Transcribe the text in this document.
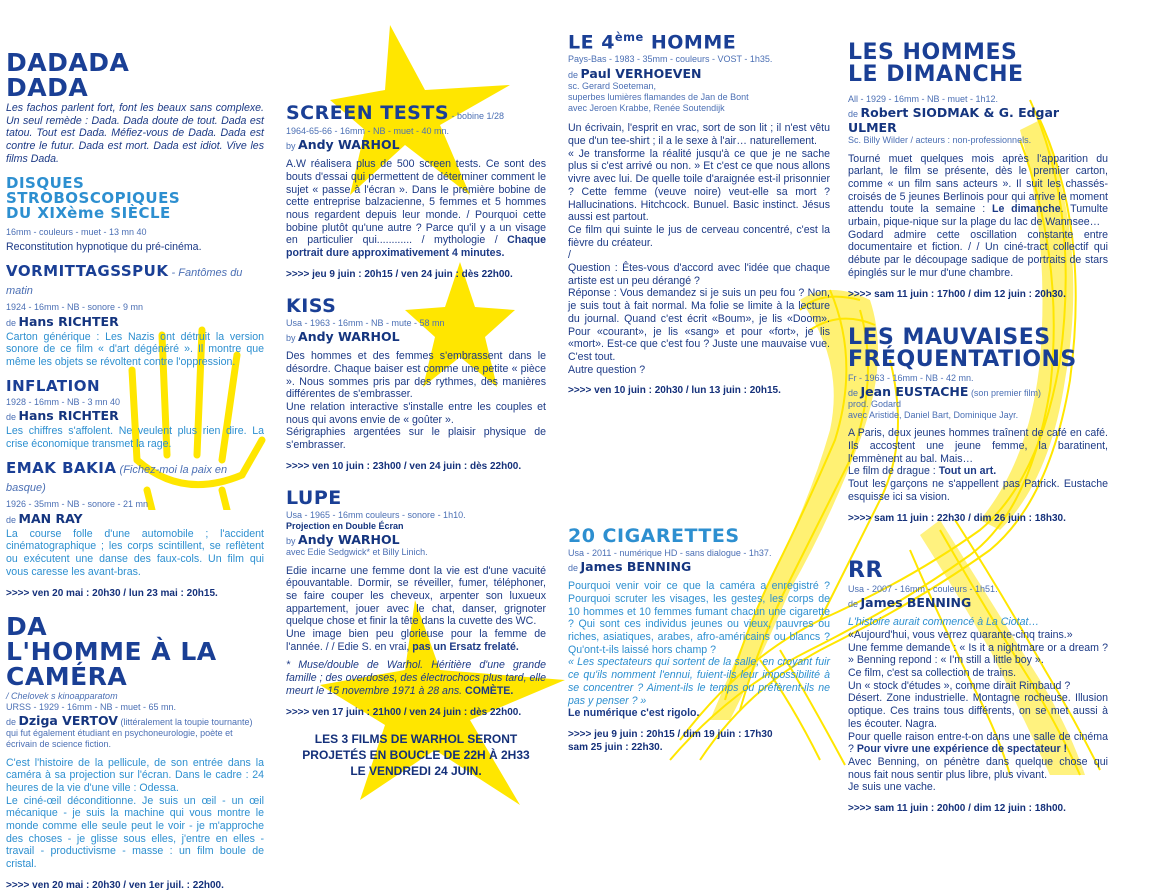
DADADA
DADA

Les fachos parlent fort, font les beaux sans complexe. Un seul remède : Dada. Dada doute de tout. Dada est tatou. Tout est Dada. Méfiez-vous de Dada. Dada est contre le futur. Dada est mort. Dada est idiot. Vive les films Dada.

DISQUES STROBOSCOPIQUES
DU XIXème SIÈCLE

16mm - couleurs - muet - 13 mn 40

Reconstitution hypnotique du pré-cinéma.

VORMITTAGSSPUK - Fantômes du matin

1924 - 16mm - NB - sonore - 9 mn

de Hans RICHTER

Carton générique : Les Nazis ont détruit la version sonore de ce film « d'art dégénéré ». Il montre que même les objets se révoltent contre l'oppression.

INFLATION

1928 - 16mm - NB - 3 mn 40

de Hans RICHTER

Les chiffres s'affolent. Ne veulent plus rien dire. La crise économique transmet la rage.

EMAK BAKIA (Fichez-moi la paix en basque)

1926 - 35mm - NB - sonore - 21 mn

de MAN RAY

La course folle d'une automobile ; l'accident cinématographique ; les corps scintillent, se reflètent ou exécutent une danse des faux-cols. Un film qui vous caresse les avant-bras.

>>>> ven 20 mai : 20h30 / lun 23 mai : 20h15.

DA
L'HOMME À LA CAMÉRA

/ Chelovek s kinoapparatom

URSS - 1929 - 16mm - NB - muet - 65 mn.

de Dziga VERTOV (littéralement la toupie tournante)

qui fut également étudiant en psychoneurologie, poète et écrivain de science fiction.

C'est l'histoire de la pellicule, de son entrée dans la caméra à sa projection sur l'écran. Dans le cadre : 24 heures de la vie d'une ville : Odessa.
Le ciné-œil déconditionne. Je suis un œil - un œil mécanique - je suis la machine qui vous montre le monde comme elle seule peut le voir - je m'approche des choses - je glisse sous elles, j'entre en elles - travail - productivisme - masse : un film boule de cristal.

>>>> ven 20 mai : 20h30 / ven 1er juil. : 22h00.

SCREEN TESTS - bobine 1/28

1964-65-66 - 16mm - NB - muet - 40 mn.

by Andy WARHOL

A.W réalisera plus de 500 screen tests. Ce sont des bouts d'essai qui permettent de déterminer comment le sujet « passe à l'écran ». Dans le première bobine de cette entreprise balzacienne, 5 femmes et 5 hommes nous regardent depuis leur monde. / Pourquoi cette bobine plutôt qu'une autre ? Parce qu'il y a un visage en particulier qui............ / mythologie / Chaque portrait dure approximativement 4 minutes.

>>>> jeu 9 juin : 20h15 / ven 24 juin : dès 22h00.

KISS

Usa - 1963 - 16mm - NB - mute - 58 mn

by Andy WARHOL

Des hommes et des femmes s'embrassent dans le désordre. Chaque baiser est comme une petite « pièce ». Nous sommes pris par des rythmes, des manières différentes de s'embrasser.
Une relation interactive s'installe entre les couples et nous qui avons envie de « goûter ».
Sérigraphies argentées sur le plaisir physique de s'embrasser.

>>>> ven 10 juin : 23h00 / ven 24 juin : dès 22h00.

LUPE

Usa - 1965 - 16mm couleurs - sonore - 1h10.

Projection en Double Écran

by Andy WARHOL

avec Edie Sedgwick* et Billy Linich.

Edie incarne une femme dont la vie est d'une vacuité épouvantable. Dormir, se réveiller, fumer, téléphoner, se faire couper les cheveux, arpenter son luxueux appartement, jouer avec le chat, danser, grignoter quelque chose et finir la tête dans la cuvette des WC.
Une image bien peu glorieuse pour la femme de l'année. / / Edie S. en vrai, pas un Ersatz frelaté.

* Muse/double de Warhol. Héritière d'une grande famille ; des overdoses, des électrochocs plus tard, elle meurt le 15 novembre 1971 à 28 ans. COMÈTE.

>>>> ven 17 juin : 21h00 / ven 24 juin : dès 22h00.

LES 3 FILMS DE WARHOL SERONT
PROJETÉS EN BOUCLE DE 22H À 2H33
LE VENDREDI 24 JUIN.

LE 4ème HOMME

Pays-Bas - 1983 - 35mm - couleurs - VOST - 1h35.

de Paul VERHOEVEN

sc. Gerard Soeteman,
superbes lumières flamandes de Jan de Bont
avec Jeroen Krabbe, Renée Soutendijk

Un écrivain, l'esprit en vrac, sort de son lit ; il n'est vêtu que d'un tee-shirt ; il a le sexe à l'air… naturellement.
« Je transforme la réalité jusqu'à ce que je ne sache plus si c'est arrivé ou non. » Et c'est ce que nous allons vivre avec lui. De quelle toile d'araignée est-il prisonnier ? Cette femme (veuve noire) veut-elle sa mort ? Hallucinations. Hitchcock. Bunuel. Basic instinct. Jésus aussi est partout.
Ce film qui suinte le jus de cerveau concentré, c'est la fièvre du créateur.
/
Question : Êtes-vous d'accord avec l'idée que chaque artiste est un peu dérangé ?
Réponse : Vous demandez si je suis un peu fou ? Non, je suis tout à fait normal. Ma folie se limite à la lecture du journal. Quand c'est écrit «Boum», je lis «Doom». Pour «courant», je lis «sang» et pour «fort», je lis «mort». Est-ce que c'est fou ? Juste une mauvaise vue. C'est tout.
Autre question ?

>>>> ven 10 juin : 20h30 / lun 13 juin : 20h15.

20 CIGARETTES

Usa - 2011 - numérique HD - sans dialogue - 1h37.

de James BENNING

Pourquoi venir voir ce que la caméra a enregistré ? Pourquoi scruter les visages, les gestes, les corps de 10 hommes et 10 femmes fumant chacun une cigarette ? Qui sont ces individus jeunes ou vieux, pauvres ou riches, asiatiques, arabes, afro-américains ou blancs ? Qu'ont-t-ils laissé hors champ ?

« Les spectateurs qui sortent de la salle, en croyant fuir ce qu'ils nomment l'ennui, fuient-ils leur impossibilité à se concentrer ? Aiment-ils le temps ou préfèrent-ils ne pas y penser ? »

Le numérique c'est rigolo.

>>>> jeu 9 juin : 20h15 / dim 19 juin : 17h30
sam 25 juin : 22h30.

LES HOMMES
LE DIMANCHE

All - 1929 - 16mm - NB - muet - 1h12.

de Robert SIODMAK & G. Edgar ULMER

Sc. Billy Wilder / acteurs : non-professionnels.

Tourné muet quelques mois après l'apparition du parlant, le film se présente, dès le premier carton, comme « un film sans acteurs ». Il suit les chassés-croisés de 5 jeunes Berlinois pour qui arrive le moment attendu toute la semaine : Le dimanche. Tumulte urbain, pique-nique sur la plage du lac de Wannsee…
Godard admire cette oscillation constante entre documentaire et fiction. / / Un ciné-tract collectif qui débute par le découpage sadique de portraits de stars épinglés sur le mur d'une chambre.

>>>> sam 11 juin : 17h00 / dim 12 juin : 20h30.

LES MAUVAISES
FRÉQUENTATIONS

Fr - 1963 - 16mm - NB - 42 mn.

de Jean EUSTACHE (son premier film)

prod. Godard
avec Aristide, Daniel Bart, Dominique Jayr.

A Paris, deux jeunes hommes traînent de café en café. Ils accostent une jeune femme, la baratinent, l'emmènent au bal. Mais…
Le film de drague : Tout un art.
Tout les garçons ne s'appellent pas Patrick. Eustache esquisse ici sa vision.

>>>> sam 11 juin : 22h30 / dim 26 juin : 18h30.

RR

Usa - 2007 - 16mm - couleurs - 1h51.

de James BENNING

L'histoire aurait commencé à La Ciotat…

«Aujourd'hui, vous verrez quarante-cinq trains.»
Une femme demande : « Is it a nightmare or a dream ? » Benning repond : « I'm still a little boy ».
Ce film, c'est sa collection de trains.
Un « stock d'études », comme dirait Rimbaud ?
Désert. Zone industrielle. Montagne rocheuse. Illusion optique. Ces trains tous différents, on se met aussi à les écouter. Nagra.
Pour quelle raison entre-t-on dans une salle de cinéma ? Pour vivre une expérience de spectateur !
Avec Benning, on pénètre dans quelque chose qui nous fait nous sentir plus libre, plus vivant.
Je suis une vache.

>>>> sam 11 juin : 20h00 / dim 12 juin : 18h00.
